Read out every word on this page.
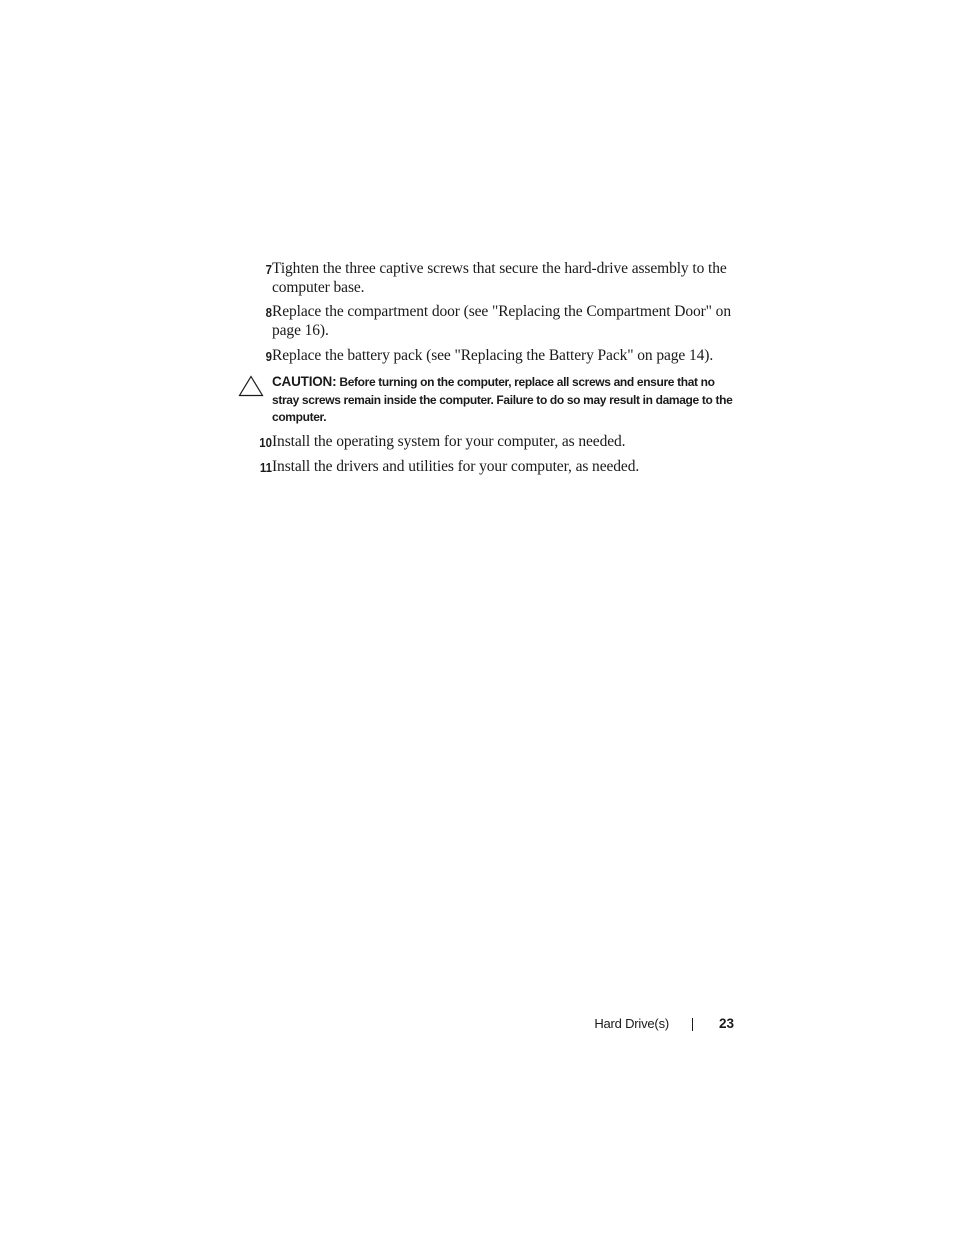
7 Tighten the three captive screws that secure the hard-drive assembly to the computer base.
8 Replace the compartment door (see "Replacing the Compartment Door" on page 16).
9 Replace the battery pack (see "Replacing the Battery Pack" on page 14).
CAUTION: Before turning on the computer, replace all screws and ensure that no stray screws remain inside the computer. Failure to do so may result in damage to the computer.
10 Install the operating system for your computer, as needed.
11 Install the drivers and utilities for your computer, as needed.
Hard Drive(s)	23
